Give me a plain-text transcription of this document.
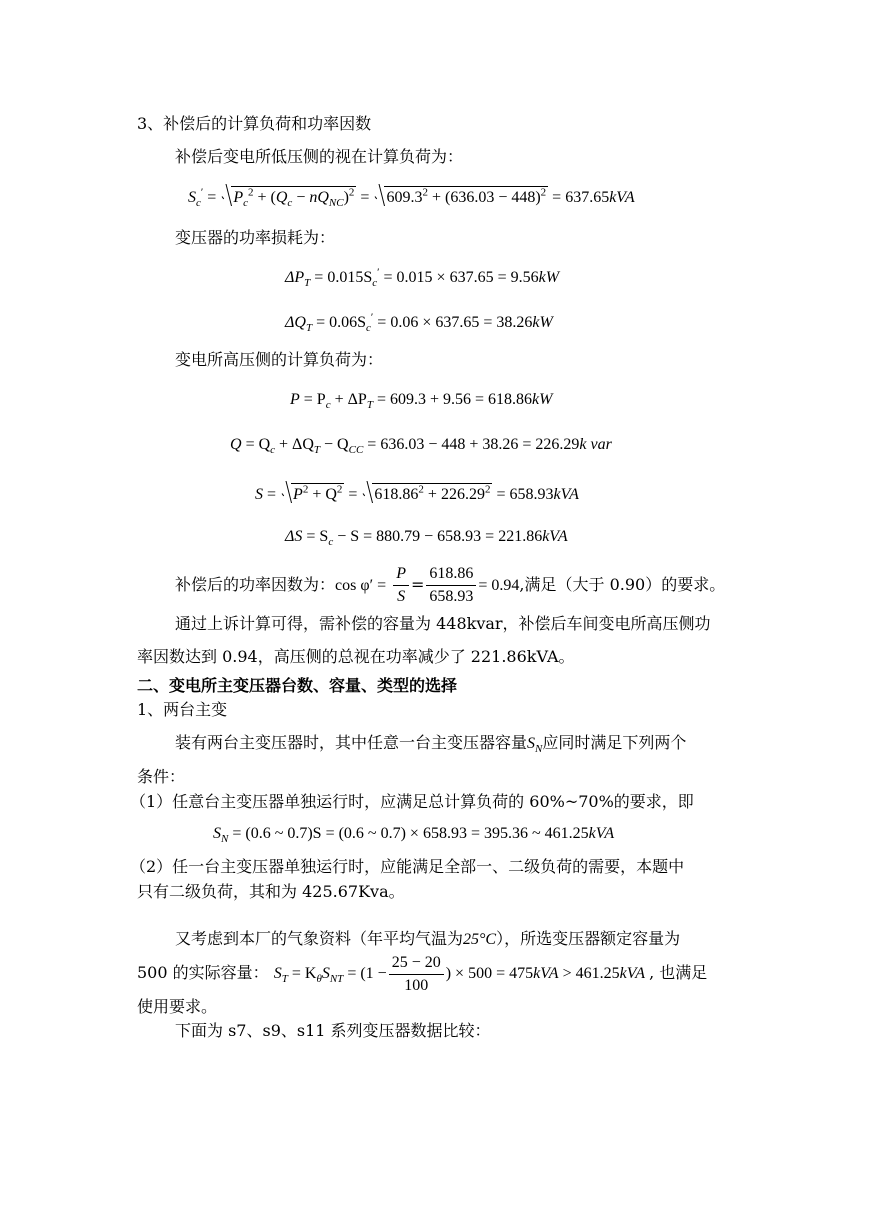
3、补偿后的计算负荷和功率因数
补偿后变电所低压侧的视在计算负荷为：
$S_c' = P_c^2 + (Q_c - nQ_{NC})^2 = 609.3^2 + (636.03 - 448)^2 = 637.65kVA$
变压器的功率损耗为：
$\Delta P_T = 0.015S_c' = 0.015 \times 637.65 = 9.56kW$
$\Delta Q_T = 0.06S_c' = 0.06 \times 637.65 = 38.26kW$
变电所高压侧的计算负荷为：
$P = P_c + \Delta P_T = 609.3 + 9.56 = 618.86kW$
$Q = Q_c + \Delta Q_T - Q_{CC} = 636.03 - 448 + 38.26 = 226.29k$ var
$S = P^2 + Q^2 = 618.86^2 + 226.29^2 = 658.93kVA$
$\Delta S = S_c - S = 880.79 - 658.93 = 221.86kVA$
补偿后的功率因数为：$\cos \varphi' = \frac{P}{S} = \frac{618.86}{658.93} = 0.94$,满足（大于 0.90）的要求。
通过上诉计算可得，需补偿的容量为 448kvar，补偿后车间变电所高压侧功
率因数达到 0.94，高压侧的总视在功率减少了 221.86kVA。
二、变电所主变压器台数、容量、类型的选择
1、两台主变
装有两台主变压器时，其中任意一台主变压器容量$S_N$应同时满足下列两个
条件：
（1）任意台主变压器单独运行时，应满足总计算负荷的 60%~70%的要求，即
$S_N = (0.6$ ~ 0.7)S = (0.6 ~ 0.7) × 658.93 = 395.36 ~ 461.25kVA
（2）任一台主变压器单独运行时，应能满足全部一、二级负荷的需要，本题中
只有二级负荷，其和为 425.67Kva。
又考虑到本厂的气象资料（年平均气温为25°C），所选变压器额定容量为
500 的实际容量： $S_T = K_\theta S_{NT} = (1 - \frac{25 - 20}{100}$ ) × 500 = 475kVA > 461.25kVA , 也满足
使用要求。
下面为 s7、s9、s11 系列变压器数据比较：
